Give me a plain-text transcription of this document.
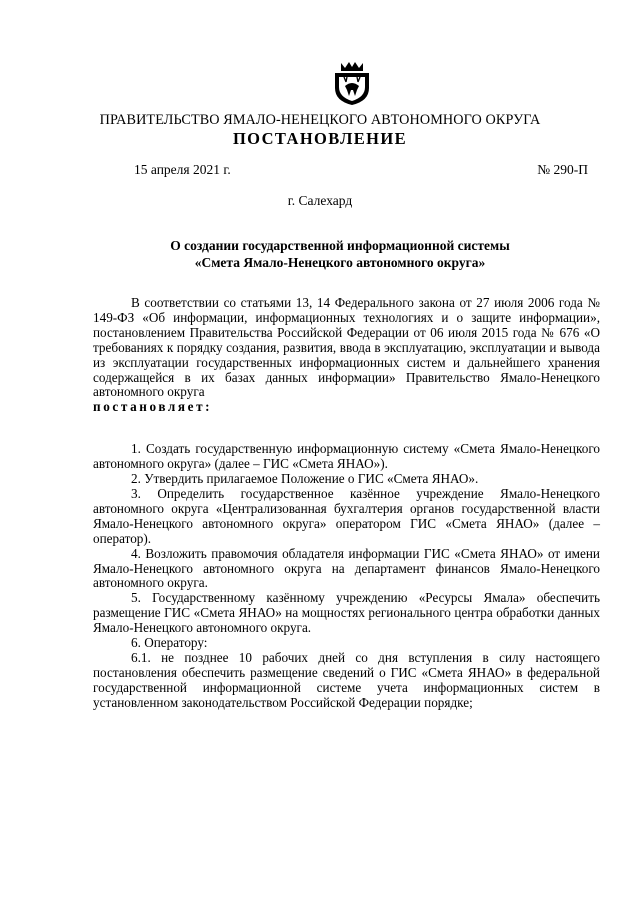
ПРАВИТЕЛЬСТВО ЯМАЛО-НЕНЕЦКОГО АВТОНОМНОГО ОКРУГА
ПОСТАНОВЛЕНИЕ
15 апреля 2021 г.	№ 290-П
г. Салехард
О создании государственной информационной системы
«Смета Ямало-Ненецкого автономного округа»

В соответствии со статьями 13, 14 Федерального закона от 27 июля 2006 года № 149-ФЗ «Об информации, информационных технологиях и о защите информации», постановлением Правительства Российской Федерации от 06 июля 2015 года № 676 «О требованиях к порядку создания, развития, ввода в эксплуатацию, эксплуатации и вывода из эксплуатации государственных информационных систем и дальнейшего хранения содержащейся в их базах данных информации» Правительство Ямало-Ненецкого автономного округа

постановляет:

1. Создать государственную информационную систему «Смета Ямало-Ненецкого автономного округа» (далее – ГИС «Смета ЯНАО»).

2. Утвердить прилагаемое Положение о ГИС «Смета ЯНАО».

3. Определить государственное казённое учреждение Ямало-Ненецкого автономного округа «Централизованная бухгалтерия органов государственной власти Ямало-Ненецкого автономного округа» оператором ГИС «Смета ЯНАО» (далее – оператор).

4. Возложить правомочия обладателя информации ГИС «Смета ЯНАО» от имени Ямало-Ненецкого автономного округа на департамент финансов Ямало-Ненецкого автономного округа.

5. Государственному казённому учреждению «Ресурсы Ямала» обеспечить размещение ГИС «Смета ЯНАО» на мощностях регионального центра обработки данных Ямало-Ненецкого автономного округа.

6. Оператору:

6.1. не позднее 10 рабочих дней со дня вступления в силу настоящего постановления обеспечить размещение сведений о ГИС «Смета ЯНАО» в федеральной государственной информационной системе учета информационных систем в установленном законодательством Российской Федерации порядке;
